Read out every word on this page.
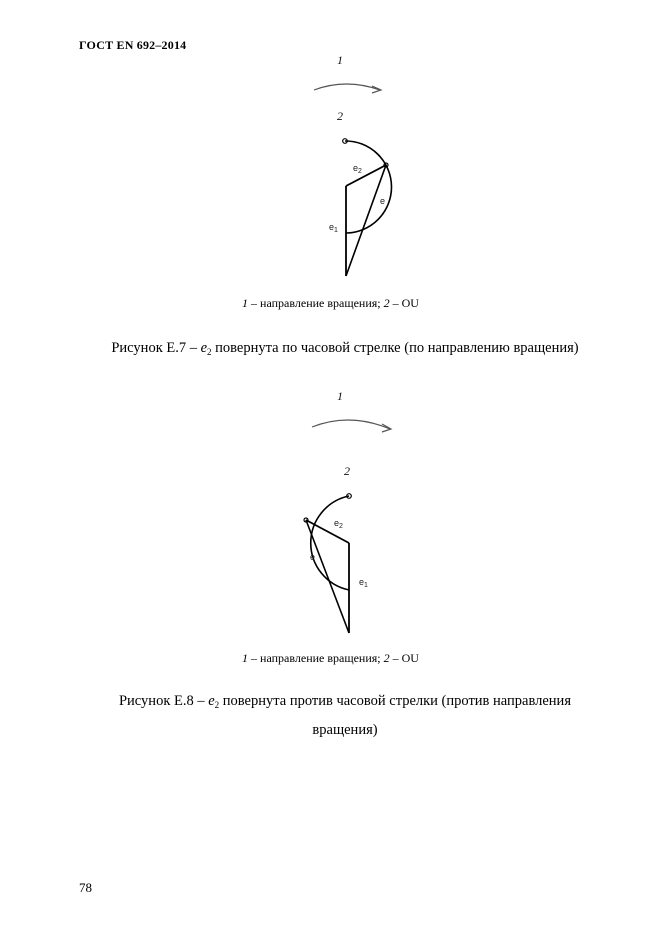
ГОСТ EN 692–2014
1
2
$e_2$
e
$e_1$
1
2
$e_2$
e
$e_1$
1 – направление вращения; 2 – OU
Рисунок $Е.7 - e_2$ повернута по часовой стрелке (по направлению вращения)
1 – направление вращения; 2 – OU
Рисунок $Е.8 - e_2$ повернута против часовой стрелки (против направления
вращения)
78
